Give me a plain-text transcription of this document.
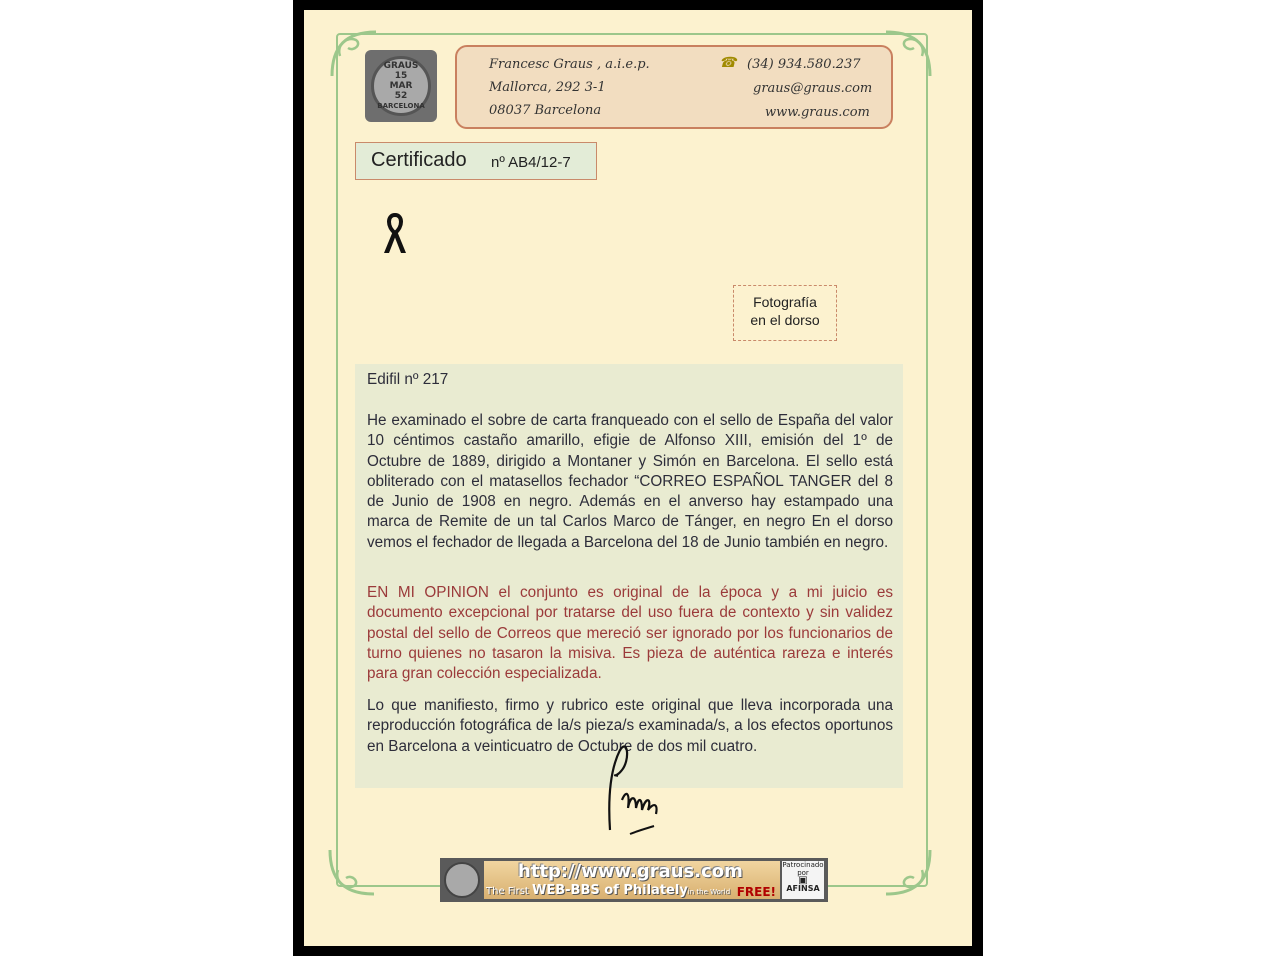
GRAUS
15
MAR
52
BARCELONA
Francesc Graus , a.i.e.p.
Mallorca, 292 3-1
08037 Barcelona
☎ (34) 934.580.237
graus@graus.com
www.graus.com
Certificado nº AB4/12-7
Fotografía
en el dorso
Edifil nº 217
He examinado el sobre de carta franqueado con el sello de España del valor 10 céntimos castaño amarillo, efigie de Alfonso XIII, emisión del 1º de Octubre de 1889, dirigido a Montaner y Simón en Barcelona. El sello está obliterado con el matasellos fechador “CORREO ESPAÑOL TANGER del 8 de Junio de 1908 en negro. Además en el anverso hay estampado una marca de Remite de un tal Carlos Marco de Tánger, en negro En el dorso vemos el fechador de llegada a Barcelona del 18 de Junio también en negro.
EN MI OPINION el conjunto es original de la época y a mi juicio es documento excepcional por tratarse del uso fuera de contexto y sin validez postal del sello de Correos que mereció ser ignorado por los funcionarios de turno quienes no tasaron la misiva. Es pieza de auténtica rareza e interés para gran colección especializada.
Lo que manifiesto, firmo y rubrico este original que lleva incorporada una reproducción fotográfica de la/s pieza/s examinada/s, a los efectos oportunos en Barcelona a veinticuatro de Octubre de dos mil cuatro.
http://www.graus.com
The First WEB-BBS of Philatelyin the World FREE!
Patrocinado
por
▣
AFINSA
